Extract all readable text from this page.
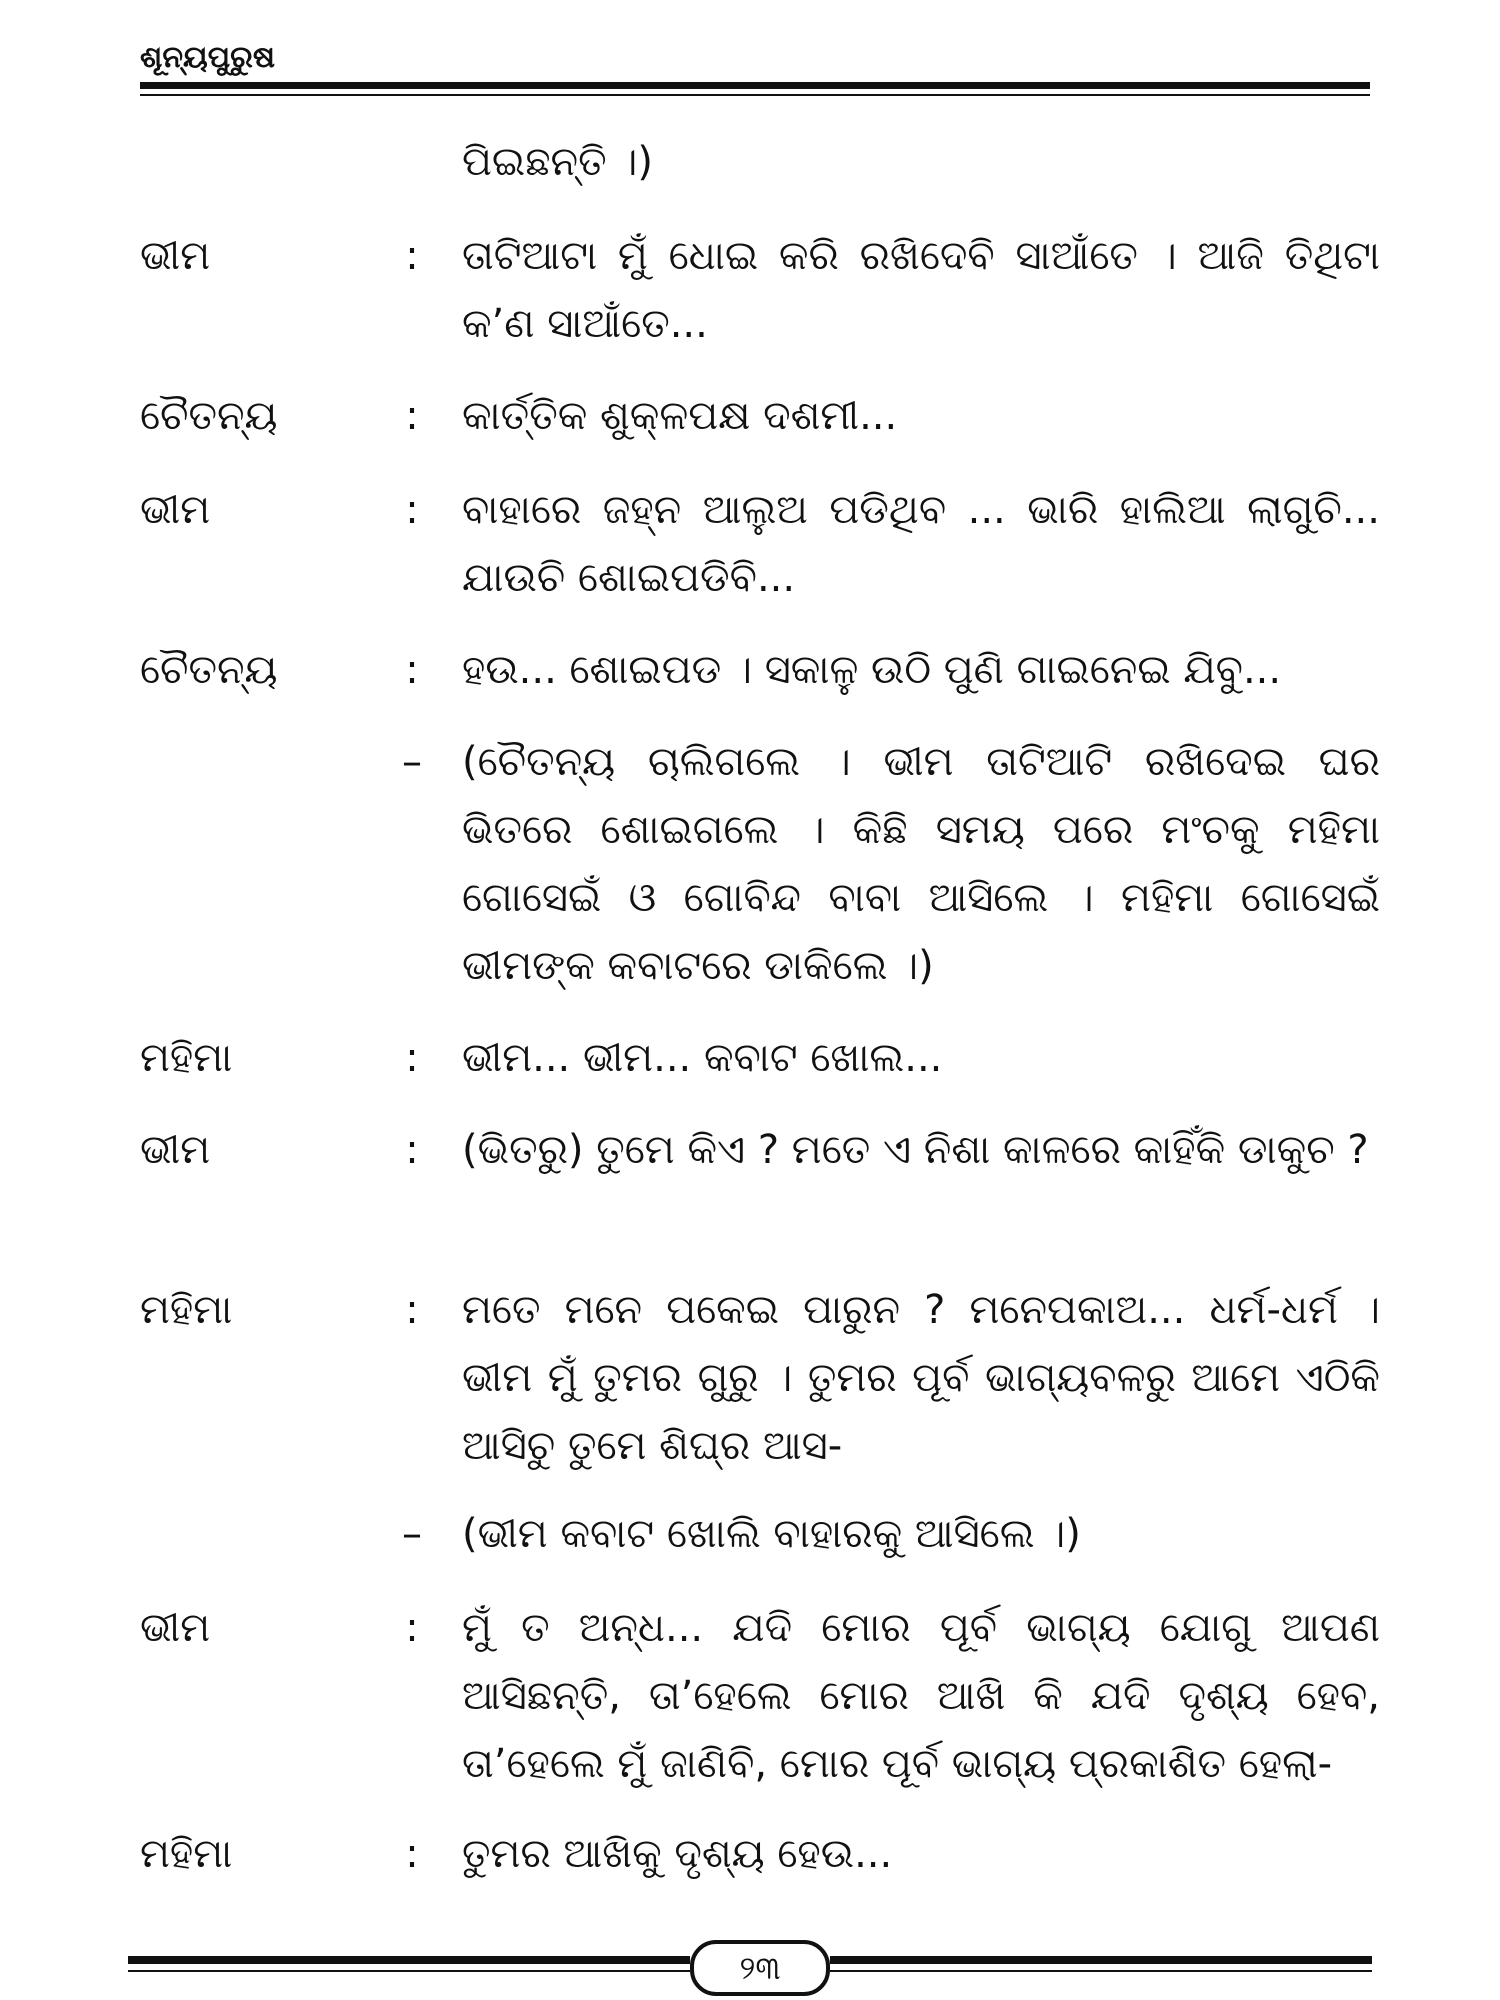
ଶୂନ୍ୟପୁରୁଷ
ପିଇଛନ୍ତି ।)
ଭୀମ	: ତାଟିଆଟା ମୁଁ ଧୋଇ କରି ରଖିଦେବି ସାଆଁତେ । ଆଜି ତିଥିଟା କ’ଣ ସାଆଁତେ...
ଚୈତନ୍ୟ	: କାର୍ତ୍ତିକ ଶୁକ୍ଳପକ୍ଷ ଦଶମୀ...
ଭୀମ	: ବାହାରେ ଜହ୍ନ ଆଲୁଅ ପଡିଥିବ ... ଭାରି ହାଲିଆ ଲାଗୁଚି... ଯାଉଚି ଶୋଇପଡିବି...
ଚୈତନ୍ୟ	: ହଉ... ଶୋଇପଡ । ସକାଳୁ ଉଠି ପୁଣି ଗାଇନେଇ ଯିବୁ...
– (ଚୈତନ୍ୟ ଚାଲିଗଲେ । ଭୀମ ତାଟିଆଟି ରଖିଦେଇ ଘର ଭିତରେ ଶୋଇଗଲେ । କିଛି ସମୟ ପରେ ମଂଚକୁ ମହିମା ଗୋସେଇଁ ଓ ଗୋବିନ୍ଦ ବାବା ଆସିଲେ । ମହିମା ଗୋସେଇଁ ଭୀମଙ୍କ କବାଟରେ ଡାକିଲେ ।)
ମହିମା	: ଭୀମ... ଭୀମ... କବାଟ ଖୋଲ...
ଭୀମ	: (ଭିତରୁ) ତୁମେ କିଏ ? ମତେ ଏ ନିଶା କାଳରେ କାହିଁକି ଡାକୁଚ ?
ମହିମା	: ମତେ ମନେ ପକେଇ ପାରୁନ ? ମନେପକାଅ... ଧର୍ମ-ଧର୍ମ । ଭୀମ ମୁଁ ତୁମର ଗୁରୁ । ତୁମର ପୂର୍ବ ଭାଗ୍ୟବଳରୁ ଆମେ ଏଠିକି ଆସିଚୁ ତୁମେ ଶିଘ୍ର ଆସ-
– (ଭୀମ କବାଟ ଖୋଲି ବାହାରକୁ ଆସିଲେ ।)
ଭୀମ	: ମୁଁ ତ ଅନ୍ଧ... ଯଦି ମୋର ପୂର୍ବ ଭାଗ୍ୟ ଯୋଗୁ ଆପଣ ଆସିଛନ୍ତି, ତା’ହେଲେ ମୋର ଆଖି କି ଯଦି ଦୃଶ୍ୟ ହେବ, ତା’ହେଲେ ମୁଁ ଜାଣିବି, ମୋର ପୂର୍ବ ଭାଗ୍ୟ ପ୍ରକାଶିତ ହେଲା-
ମହିମା	: ତୁମର ଆଖିକୁ ଦୃଶ୍ୟ ହେଉ...
୨୩
